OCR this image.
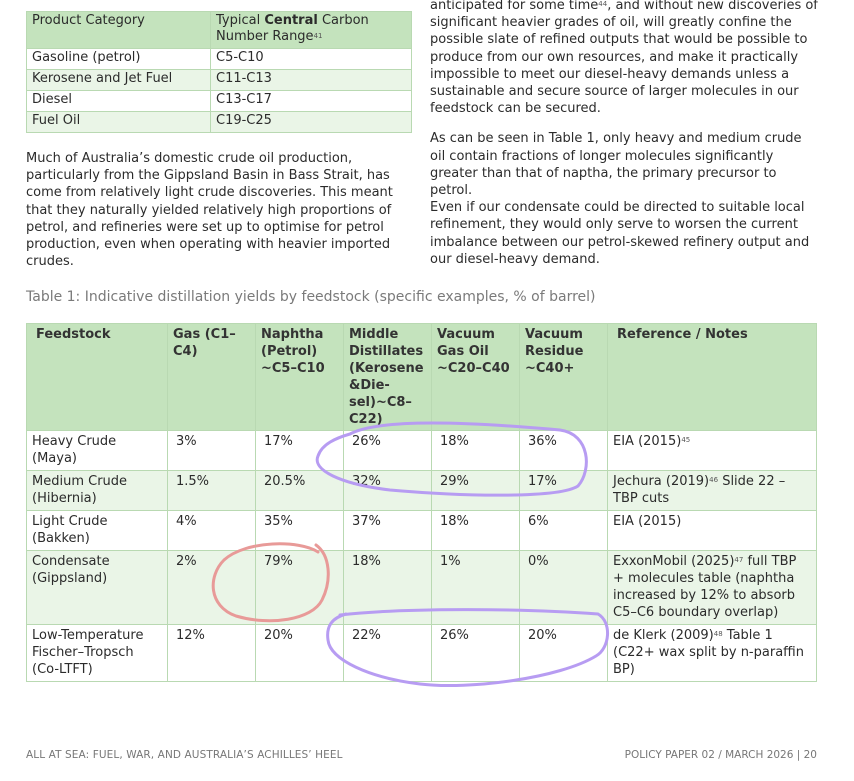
Product Category	Typical Central Carbon Number Range$^{41}$
Gasoline (petrol)	C5-C10
Kerosene and Jet Fuel	C11-C13
Diesel	C13-C17
Fuel Oil	C19-C25

Much of Australia’s domestic crude oil production, particularly from the Gippsland Basin in Bass Strait, has come from relatively light crude discoveries. This meant that they naturally yielded relatively high proportions of petrol, and refineries were set up to optimise for petrol production, even when operating with heavier imported crudes.

anticipated for some time$^{44}$, and without new discoveries of significant heavier grades of oil, will greatly confine the possible slate of refined outputs that would be possible to produce from our own resources, and make it practically impossible to meet our diesel-heavy demands unless a sustainable and secure source of larger molecules in our feedstock can be secured.

As can be seen in Table 1, only heavy and medium crude oil contain fractions of longer molecules significantly greater than that of naptha, the primary precursor to petrol.

Even if our condensate could be directed to suitable local refinement, they would only serve to worsen the current imbalance between our petrol-skewed refinery output and our diesel-heavy demand.

Table 1: Indicative distillation yields by feedstock (specific examples, % of barrel)

Feedstock	Gas (C1–C4)	Naphtha (Petrol) ~C5–C10	Middle Distillates (Kerosene &Die-sel)~C8–C22)	Vacuum Gas Oil ~C20–C40	Vacuum Residue ~C40+	Reference / Notes
Heavy Crude (Maya)	3%	17%	26%	18%	36%	EIA $(2015)^{45}$
Medium Crude (Hibernia)	1.5%	20.5%	32%	29%	17%	Jechura $(2019)^{46}$ Slide 22 – TBP cuts
Light Crude (Bakken)	4%	35%	37%	18%	6%	EIA (2015)
Condensate (Gippsland)	2%	79%	18%	1%	0%	ExxonMobil $(2025)^{47}$ full TBP + molecules table (naphtha increased by 12% to absorb C5–C6 boundary overlap)
Low-Temperature Fischer–Tropsch (Co-LTFT)	12%	20%	22%	26%	20%	de Klerk $(2009)^{48}$ Table 1 (C22+ wax split by n-paraffin BP)
ALL AT SEA: FUEL, WAR, AND AUSTRALIA’S ACHILLES’ HEEL	POLICY PAPER 02 / MARCH 2026 | 20
